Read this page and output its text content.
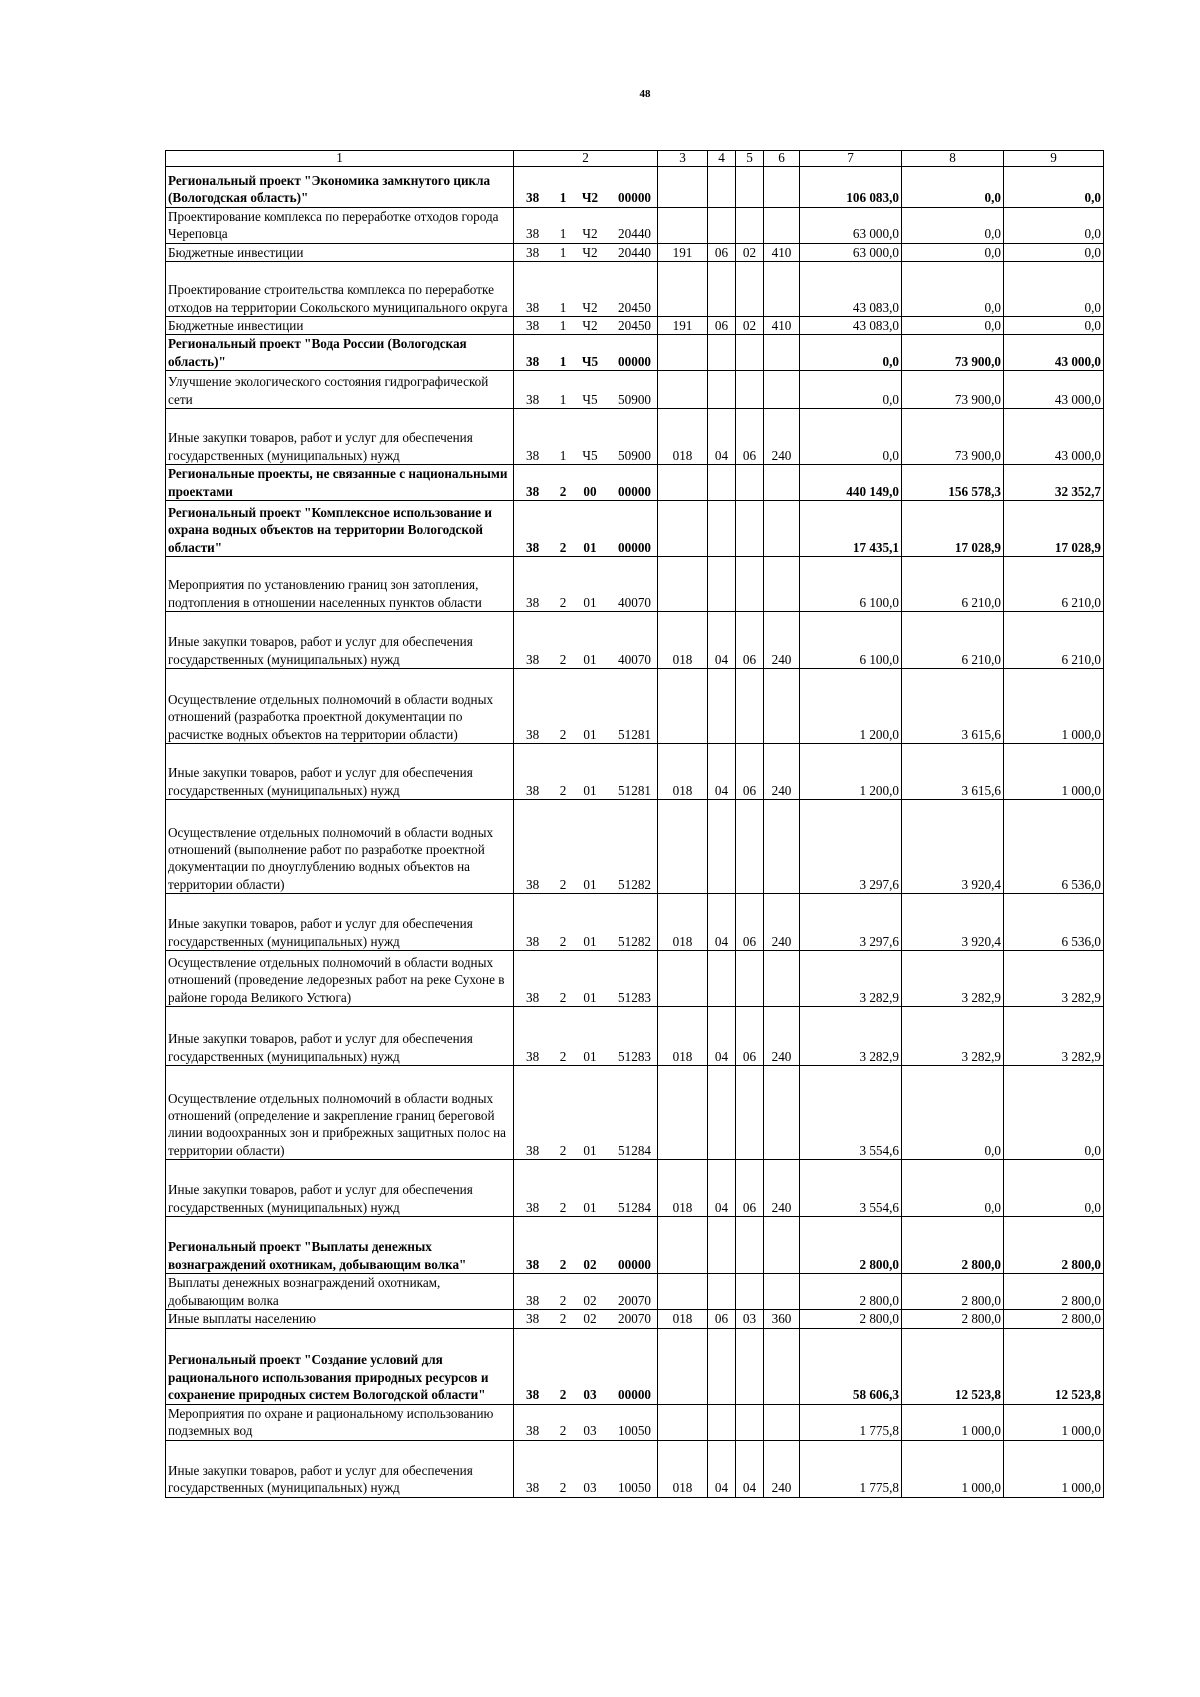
48
1	2	3	4	5	6	7	8	9
Региональный проект "Экономика замкнутого цикла (Вологодская область)"	38 1 Ч2 00000					106 083,0	0,0	0,0
Проектирование комплекса по переработке отходов города Череповца	38 1 Ч2 20440					63 000,0	0,0	0,0
Бюджетные инвестиции	38 1 Ч2 20440	191	06	02	410	63 000,0	0,0	0,0
Проектирование строительства комплекса по переработке отходов на территории Сокольского муниципального округа	38 1 Ч2 20450					43 083,0	0,0	0,0
Бюджетные инвестиции	38 1 Ч2 20450	191	06	02	410	43 083,0	0,0	0,0
Региональный проект "Вода России (Вологодская область)"	38 1 Ч5 00000					0,0	73 900,0	43 000,0
Улучшение экологического состояния гидрографической сети	38 1 Ч5 50900					0,0	73 900,0	43 000,0
Иные закупки товаров, работ и услуг для обеспечения государственных (муниципальных) нужд	38 1 Ч5 50900	018	04	06	240	0,0	73 900,0	43 000,0
Региональные проекты, не связанные с национальными проектами	38 2 00 00000					440 149,0	156 578,3	32 352,7
Региональный проект "Комплексное использование и охрана водных объектов на территории Вологодской области"	38 2 01 00000					17 435,1	17 028,9	17 028,9
Мероприятия по установлению границ зон затопления, подтопления в отношении населенных пунктов области	38 2 01 40070					6 100,0	6 210,0	6 210,0
Иные закупки товаров, работ и услуг для обеспечения государственных (муниципальных) нужд	38 2 01 40070	018	04	06	240	6 100,0	6 210,0	6 210,0
Осуществление отдельных полномочий в области водных отношений (разработка проектной документации по расчистке водных объектов на территории области)	38 2 01 51281					1 200,0	3 615,6	1 000,0
Иные закупки товаров, работ и услуг для обеспечения государственных (муниципальных) нужд	38 2 01 51281	018	04	06	240	1 200,0	3 615,6	1 000,0
Осуществление отдельных полномочий в области водных отношений (выполнение работ по разработке проектной документации по дноуглублению водных объектов на территории области)	38 2 01 51282					3 297,6	3 920,4	6 536,0
Иные закупки товаров, работ и услуг для обеспечения государственных (муниципальных) нужд	38 2 01 51282	018	04	06	240	3 297,6	3 920,4	6 536,0
Осуществление отдельных полномочий в области водных отношений (проведение ледорезных работ на реке Сухоне в районе города Великого Устюга)	38 2 01 51283					3 282,9	3 282,9	3 282,9
Иные закупки товаров, работ и услуг для обеспечения государственных (муниципальных) нужд	38 2 01 51283	018	04	06	240	3 282,9	3 282,9	3 282,9
Осуществление отдельных полномочий в области водных отношений (определение и закрепление границ береговой линии водоохранных зон и прибрежных защитных полос на территории области)	38 2 01 51284					3 554,6	0,0	0,0
Иные закупки товаров, работ и услуг для обеспечения государственных (муниципальных) нужд	38 2 01 51284	018	04	06	240	3 554,6	0,0	0,0
Региональный проект "Выплаты денежных вознаграждений охотникам, добывающим волка"	38 2 02 00000					2 800,0	2 800,0	2 800,0
Выплаты денежных вознаграждений охотникам, добывающим волка	38 2 02 20070					2 800,0	2 800,0	2 800,0
Иные выплаты населению	38 2 02 20070	018	06	03	360	2 800,0	2 800,0	2 800,0
Региональный проект "Создание условий для рационального использования природных ресурсов и сохранение природных систем Вологодской области"	38 2 03 00000					58 606,3	12 523,8	12 523,8
Мероприятия по охране и рациональному использованию подземных вод	38 2 03 10050					1 775,8	1 000,0	1 000,0
Иные закупки товаров, работ и услуг для обеспечения государственных (муниципальных) нужд	38 2 03 10050	018	04	04	240	1 775,8	1 000,0	1 000,0
